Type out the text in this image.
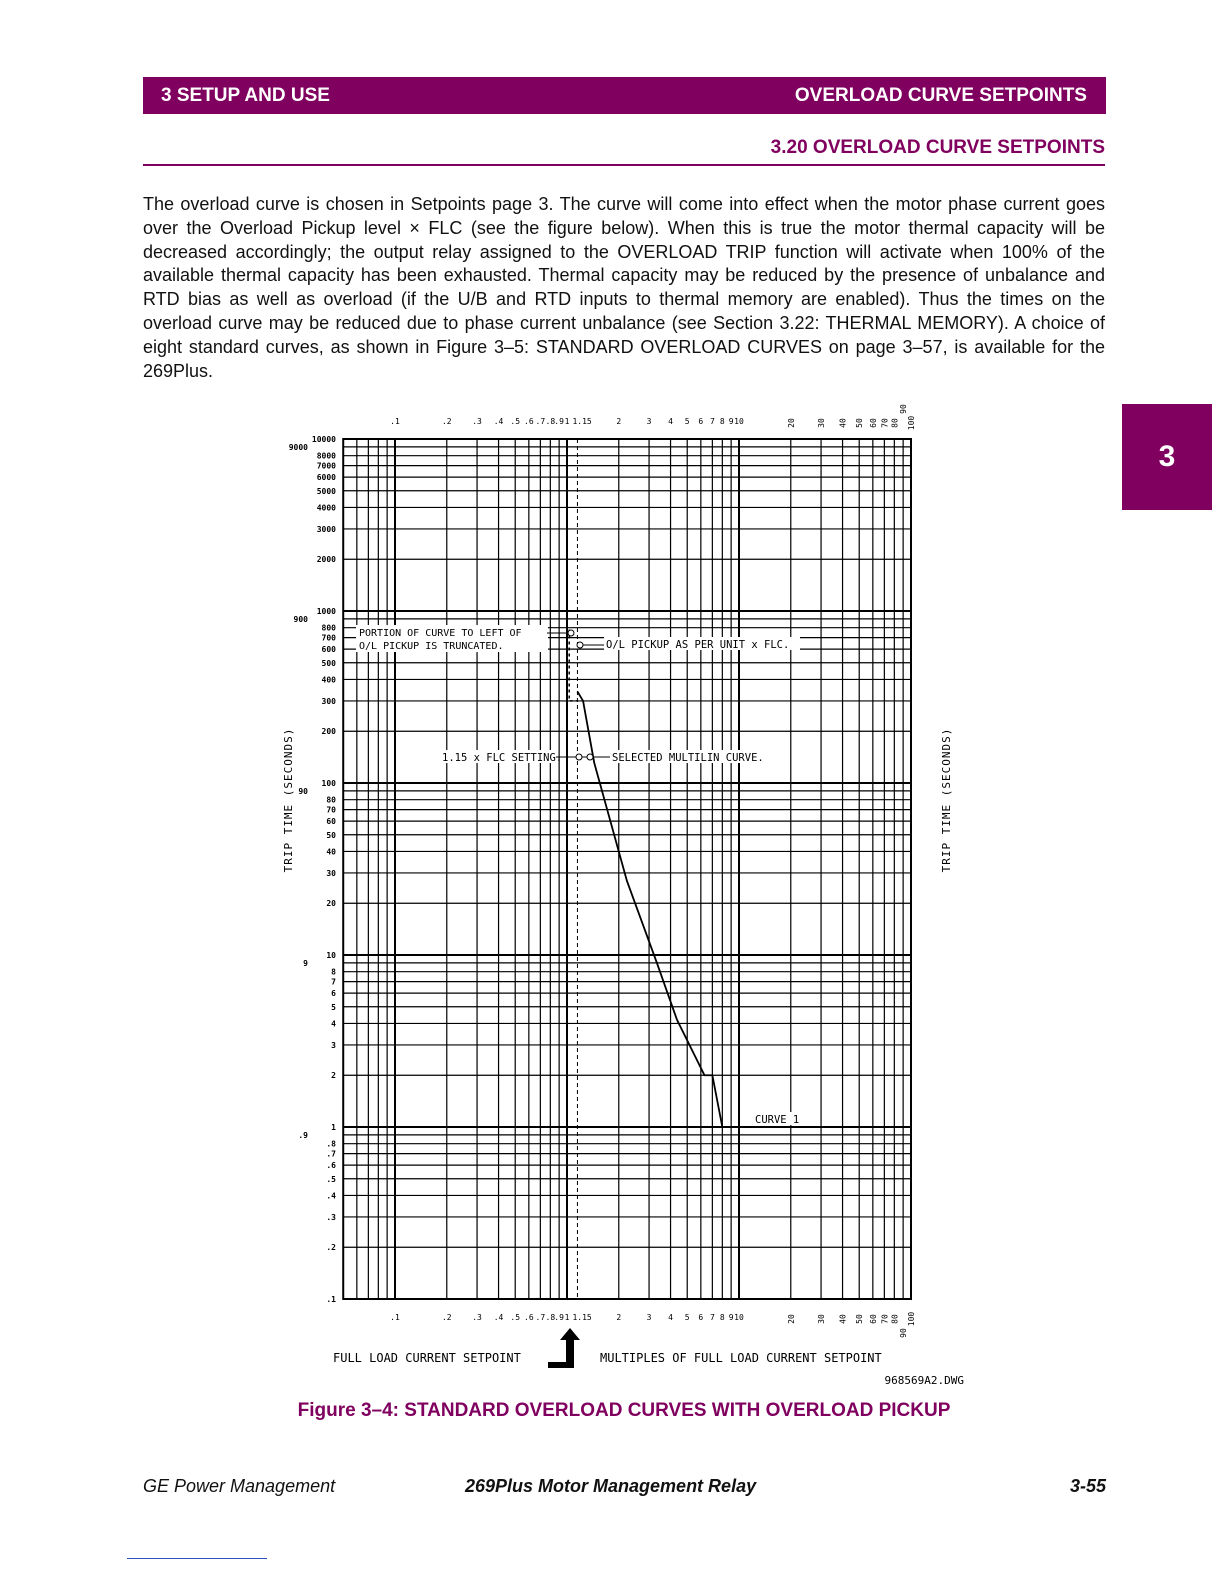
3 SETUP AND USE	OVERLOAD CURVE SETPOINTS
3.20 OVERLOAD CURVE SETPOINTS
The overload curve is chosen in Setpoints page 3. The curve will come into effect when the motor phase current goes over the Overload Pickup level × FLC (see the figure below). When this is true the motor thermal capacity will be decreased accordingly; the output relay assigned to the OVERLOAD TRIP function will activate when 100% of the available thermal capacity has been exhausted. Thermal capacity may be reduced by the presence of unbalance and RTD bias as well as overload (if the U/B and RTD inputs to thermal memory are enabled). Thus the times on the overload curve may be reduced due to phase current unbalance (see Section 3.22: THERMAL MEMORY). A choice of eight standard curves, as shown in Figure 3–5: STANDARD OVERLOAD CURVES on page 3–57, is available for the 269Plus.
3
.1
.1
.2
.2
.3
.3
.4
.4
.5
.5
.6
.6
.7
.7
.8
.8
.9
.9
1
1
1.15
1.15
2
2
3
3
4
4
5
5
6
6
7
7
8
8
9
9
10
10
20
20
30
30
40
40
50
50
60
60
70
70
80
80
90
90
100
100
10000
9000
8000
7000
6000
5000
4000
3000
2000
1000
900
800
700
600
500
400
300
200
100
90
80
70
60
50
40
30
20
10
9
8
7
6
5
4
3
2
1
.9
.8
.7
.6
.5
.4
.3
.2
.1
TRIP TIME (SECONDS)	TRIP TIME (SECONDS)
FULL LOAD CURRENT SETPOINT	MULTIPLES OF FULL LOAD CURRENT SETPOINT
968569A2.DWG
PORTION OF CURVE TO LEFT OF
O/L PICKUP IS TRUNCATED.	O/L PICKUP AS PER UNIT x FLC.
1.15 x FLC SETTING.	SELECTED MULTILIN CURVE.
CURVE 1
Figure 3–4: STANDARD OVERLOAD CURVES WITH OVERLOAD PICKUP
GE Power Management	269Plus Motor Management Relay	3-55
